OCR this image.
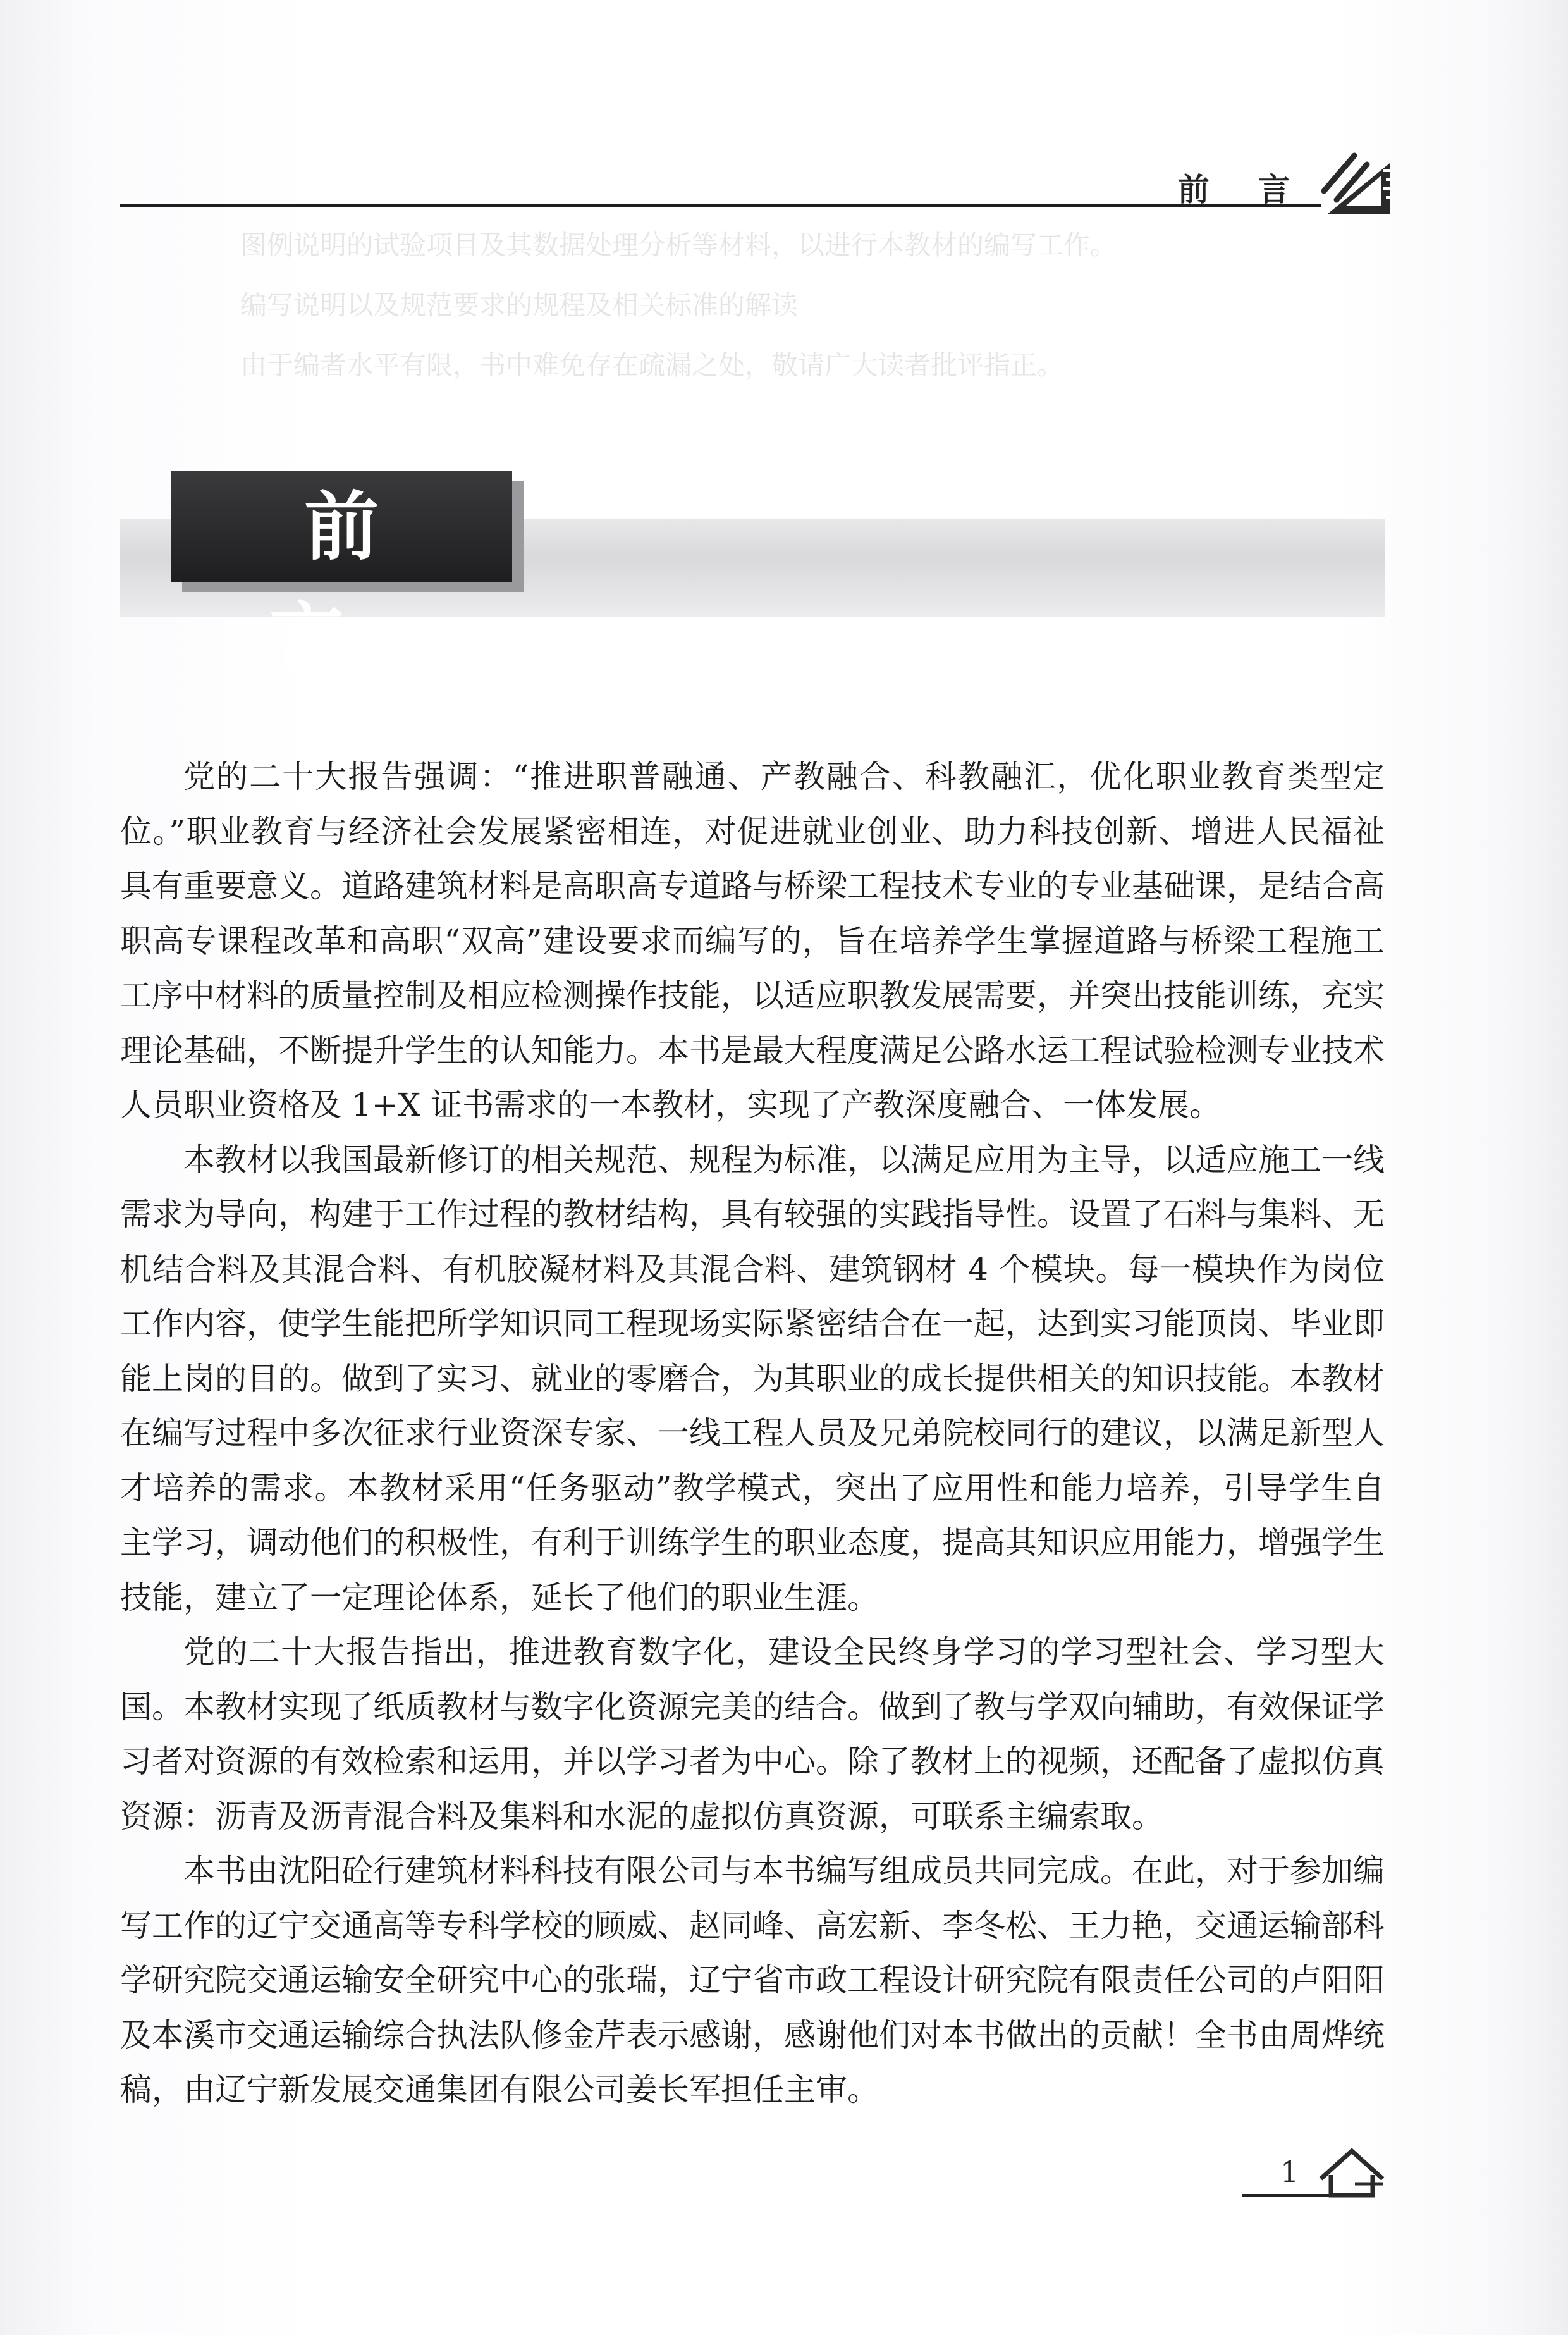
前 言
图例说明的试验项目及其数据处理分析等材料，以进行本教材的编写工作。
编写说明以及规范要求的规程及相关标准的解读
由于编者水平有限，书中难免存在疏漏之处，敬请广大读者批评指正。
前 言

党的二十大报告强调：“推进职普融通、产教融合、科教融汇，优化职业教育类型定位。”职业教育与经济社会发展紧密相连，对促进就业创业、助力科技创新、增进人民福祉具有重要意义。道路建筑材料是高职高专道路与桥梁工程技术专业的专业基础课，是结合高职高专课程改革和高职“双高”建设要求而编写的，旨在培养学生掌握道路与桥梁工程施工工序中材料的质量控制及相应检测操作技能，以适应职教发展需要，并突出技能训练，充实理论基础，不断提升学生的认知能力。本书是最大程度满足公路水运工程试验检测专业技术人员职业资格及 1+X 证书需求的一本教材，实现了产教深度融合、一体发展。

本教材以我国最新修订的相关规范、规程为标准，以满足应用为主导，以适应施工一线需求为导向，构建于工作过程的教材结构，具有较强的实践指导性。设置了石料与集料、无机结合料及其混合料、有机胶凝材料及其混合料、建筑钢材 4 个模块。每一模块作为岗位工作内容，使学生能把所学知识同工程现场实际紧密结合在一起，达到实习能顶岗、毕业即能上岗的目的。做到了实习、就业的零磨合，为其职业的成长提供相关的知识技能。本教材在编写过程中多次征求行业资深专家、一线工程人员及兄弟院校同行的建议，以满足新型人才培养的需求。本教材采用“任务驱动”教学模式，突出了应用性和能力培养，引导学生自主学习，调动他们的积极性，有利于训练学生的职业态度，提高其知识应用能力，增强学生技能，建立了一定理论体系，延长了他们的职业生涯。

党的二十大报告指出，推进教育数字化，建设全民终身学习的学习型社会、学习型大国。本教材实现了纸质教材与数字化资源完美的结合。做到了教与学双向辅助，有效保证学习者对资源的有效检索和运用，并以学习者为中心。除了教材上的视频，还配备了虚拟仿真资源：沥青及沥青混合料及集料和水泥的虚拟仿真资源，可联系主编索取。

本书由沈阳砼行建筑材料科技有限公司与本书编写组成员共同完成。在此，对于参加编写工作的辽宁交通高等专科学校的顾威、赵同峰、高宏新、李冬松、王力艳，交通运输部科学研究院交通运输安全研究中心的张瑞，辽宁省市政工程设计研究院有限责任公司的卢阳阳及本溪市交通运输综合执法队修金芹表示感谢，感谢他们对本书做出的贡献！全书由周烨统稿，由辽宁新发展交通集团有限公司姜长军担任主审。

1
